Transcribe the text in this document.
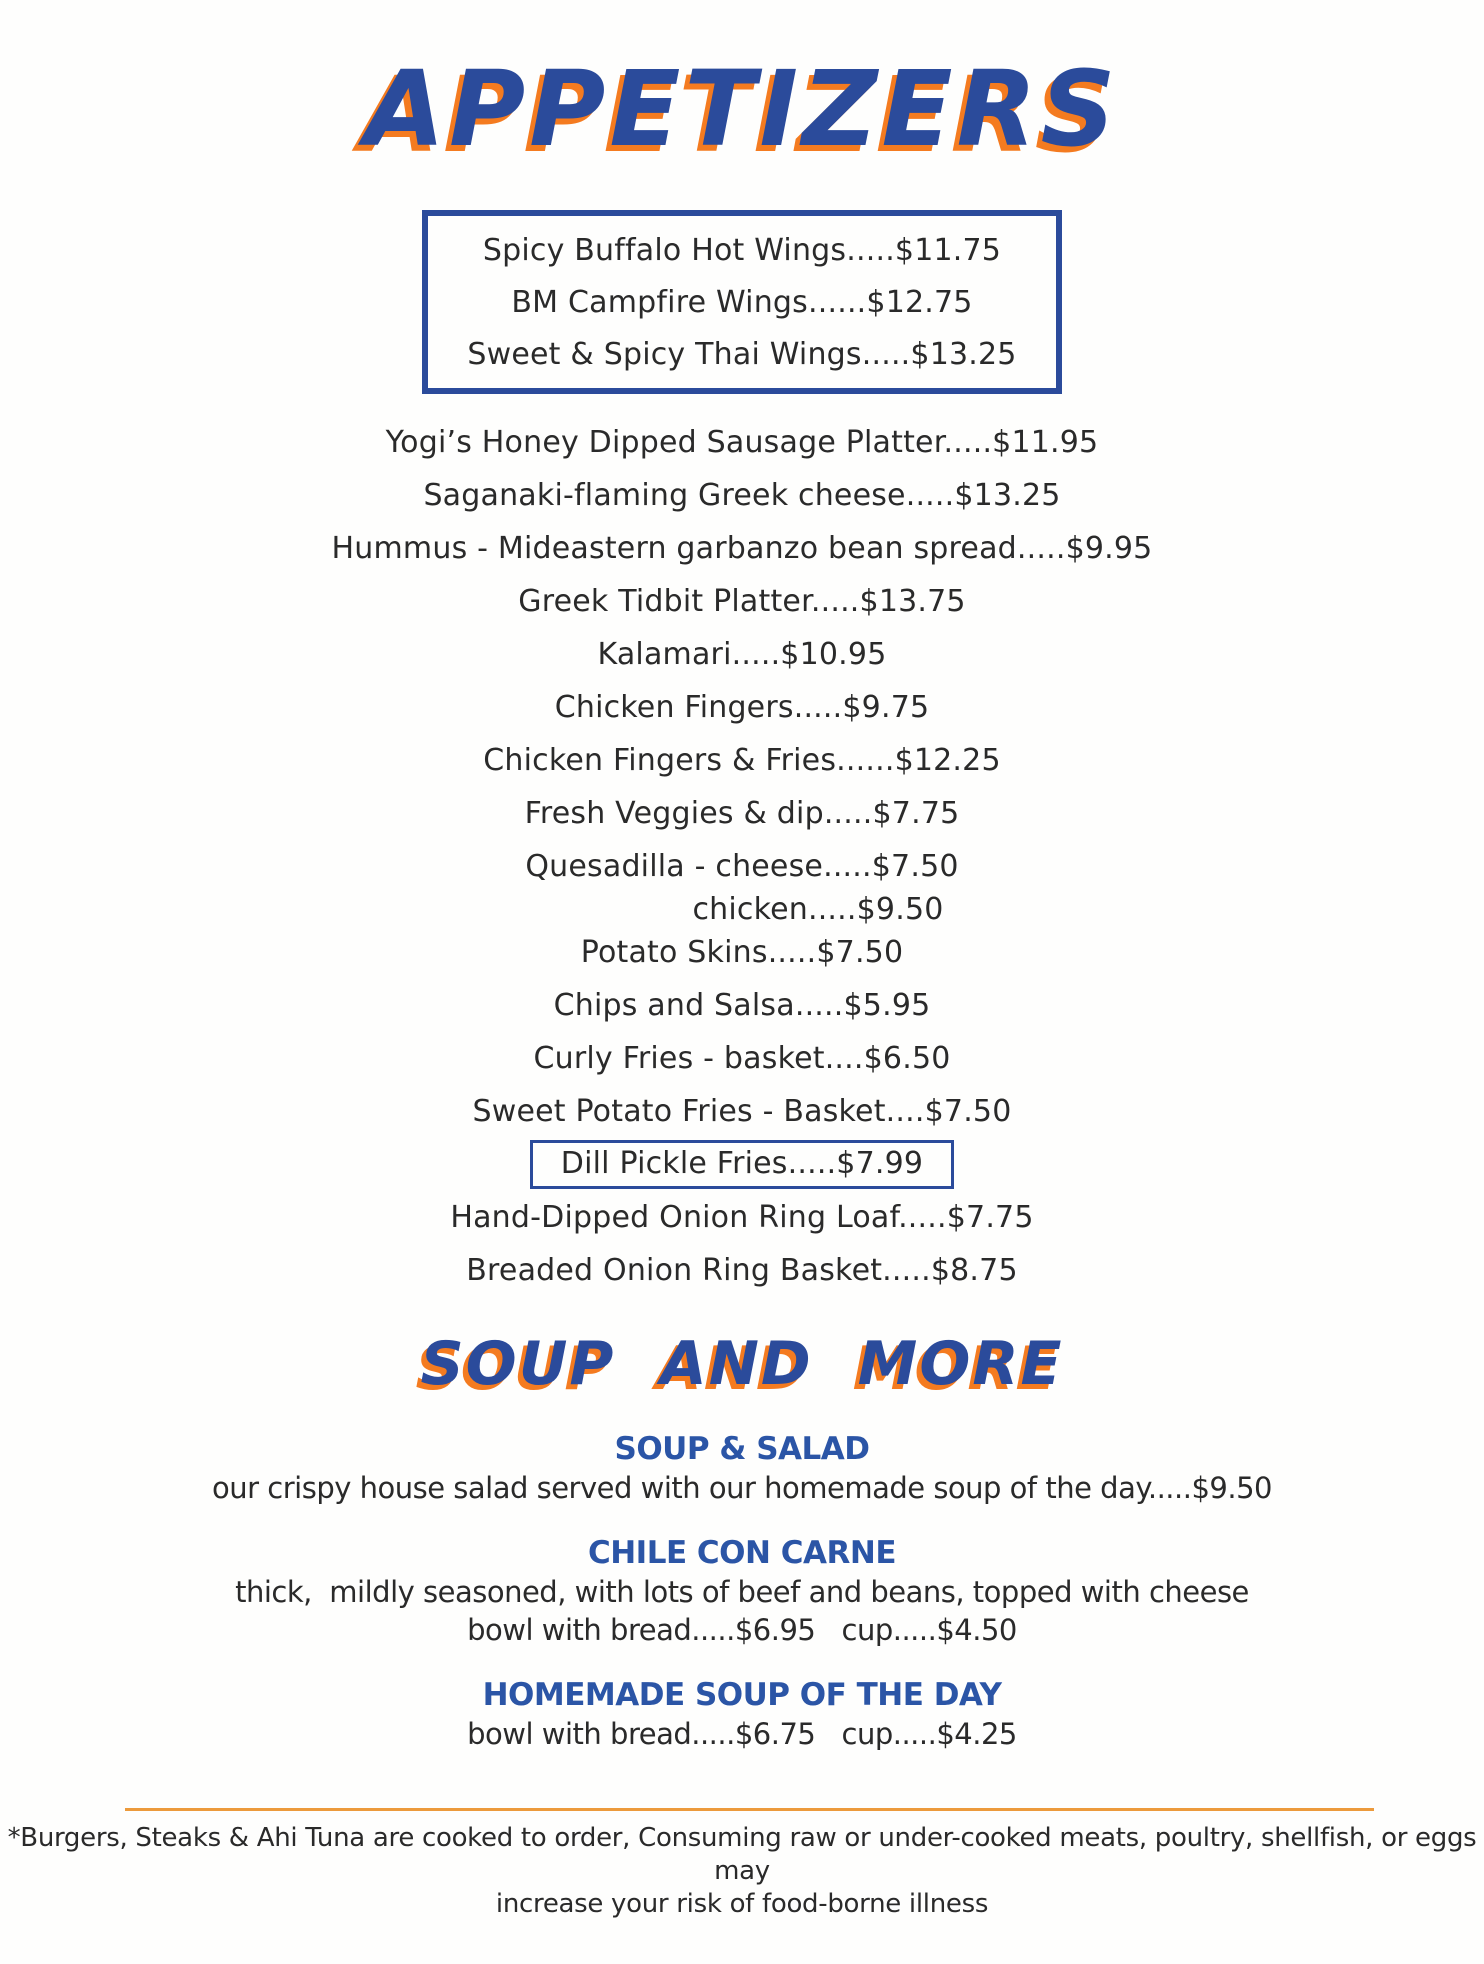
APPETIZERS
Spicy Buffalo Hot Wings.....$11.75
BM Campfire Wings......$12.75
Sweet & Spicy Thai Wings.....$13.25
Yogi’s Honey Dipped Sausage Platter.....$11.95
Saganaki-flaming Greek cheese.....$13.25
Hummus - Mideastern garbanzo bean spread.....$9.95
Greek Tidbit Platter.....$13.75
Kalamari.....$10.95
Chicken Fingers.....$9.75
Chicken Fingers & Fries......$12.25
Fresh Veggies & dip.....$7.75
Quesadilla - cheese.....$7.50
chicken.....$9.50
Potato Skins.....$7.50
Chips and Salsa.....$5.95
Curly Fries - basket....$6.50
Sweet Potato Fries - Basket....$7.50
Dill Pickle Fries.....$7.99
Hand-Dipped Onion Ring Loaf.....$7.75
Breaded Onion Ring Basket.....$8.75
SOUP AND MORE
SOUP & SALAD
our crispy house salad served with our homemade soup of the day.....$9.50
CHILE CON CARNE
thick,  mildly seasoned, with lots of beef and beans, topped with cheese
bowl with bread.....$6.95   cup.....$4.50
HOMEMADE SOUP OF THE DAY
bowl with bread.....$6.75   cup.....$4.25
*Burgers, Steaks & Ahi Tuna are cooked to order, Consuming raw or under-cooked meats, poultry, shellfish, or eggs may
increase your risk of food-borne illness
